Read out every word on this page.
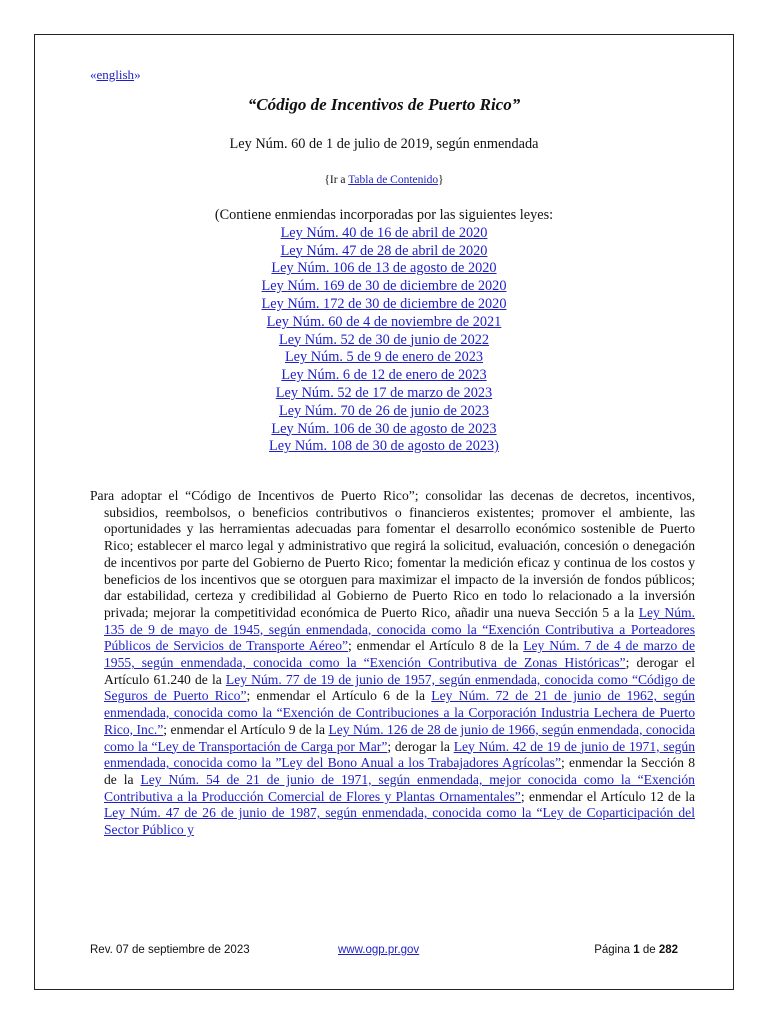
«english»
“Código de Incentivos de Puerto Rico”
Ley Núm. 60 de 1 de julio de 2019, según enmendada
{Ir a Tabla de Contenido}
(Contiene enmiendas incorporadas por las siguientes leyes:
Ley Núm. 40 de 16 de abril de 2020
Ley Núm. 47 de 28 de abril de 2020
Ley Núm. 106 de 13 de agosto de 2020
Ley Núm. 169 de 30 de diciembre de 2020
Ley Núm. 172 de 30 de diciembre de 2020
Ley Núm. 60 de 4 de noviembre de 2021
Ley Núm. 52 de 30 de junio de 2022
Ley Núm. 5 de 9 de enero de 2023
Ley Núm. 6 de 12 de enero de 2023
Ley Núm. 52 de 17 de marzo de 2023
Ley Núm. 70 de 26 de junio de 2023
Ley Núm. 106 de 30 de agosto de 2023
Ley Núm. 108 de 30 de agosto de 2023)
Para adoptar el “Código de Incentivos de Puerto Rico”; consolidar las decenas de decretos, incentivos, subsidios, reembolsos, o beneficios contributivos o financieros existentes; promover el ambiente, las oportunidades y las herramientas adecuadas para fomentar el desarrollo económico sostenible de Puerto Rico; establecer el marco legal y administrativo que regirá la solicitud, evaluación, concesión o denegación de incentivos por parte del Gobierno de Puerto Rico; fomentar la medición eficaz y continua de los costos y beneficios de los incentivos que se otorguen para maximizar el impacto de la inversión de fondos públicos; dar estabilidad, certeza y credibilidad al Gobierno de Puerto Rico en todo lo relacionado a la inversión privada; mejorar la competitividad económica de Puerto Rico, añadir una nueva Sección 5 a la Ley Núm. 135 de 9 de mayo de 1945, según enmendada, conocida como la “Exención Contributiva a Porteadores Públicos de Servicios de Transporte Aéreo”; enmendar el Artículo 8 de la Ley Núm. 7 de 4 de marzo de 1955, según enmendada, conocida como la “Exención Contributiva de Zonas Históricas”; derogar el Artículo 61.240 de la Ley Núm. 77 de 19 de junio de 1957, según enmendada, conocida como “Código de Seguros de Puerto Rico”; enmendar el Artículo 6 de la Ley Núm. 72 de 21 de junio de 1962, según enmendada, conocida como la “Exención de Contribuciones a la Corporación Industria Lechera de Puerto Rico, Inc.”; enmendar el Artículo 9 de la Ley Núm. 126 de 28 de junio de 1966, según enmendada, conocida como la “Ley de Transportación de Carga por Mar”; derogar la Ley Núm. 42 de 19 de junio de 1971, según enmendada, conocida como la ”Ley del Bono Anual a los Trabajadores Agrícolas”; enmendar la Sección 8 de la Ley Núm. 54 de 21 de junio de 1971, según enmendada, mejor conocida como la “Exención Contributiva a la Producción Comercial de Flores y Plantas Ornamentales”; enmendar el Artículo 12 de la Ley Núm. 47 de 26 de junio de 1987, según enmendada, conocida como la “Ley de Coparticipación del Sector Público y
Rev. 07 de septiembre de 2023	www.ogp.pr.gov	Página 1 de 282
